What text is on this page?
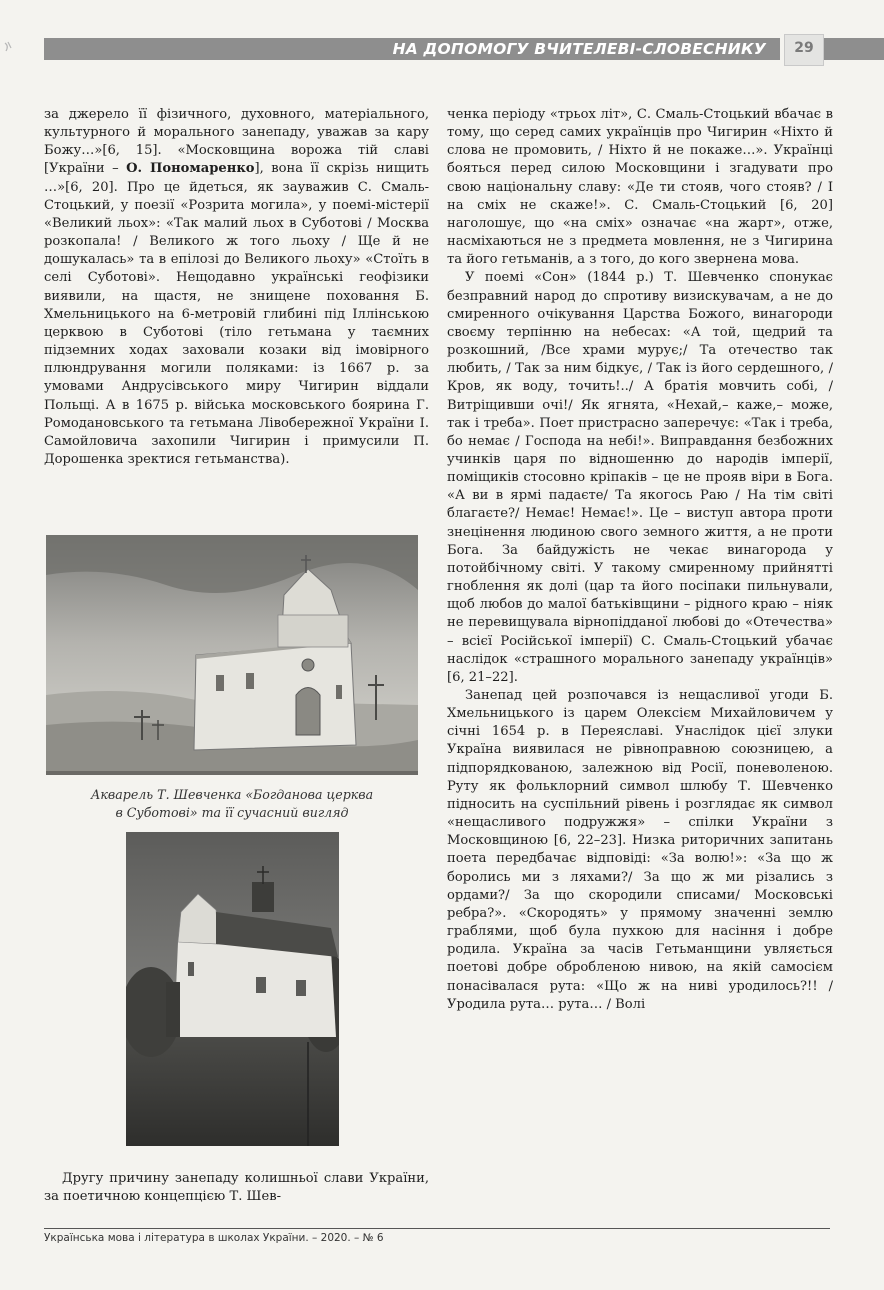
НА ДОПОМОГУ ВЧИТЕЛЕВІ-СЛОВЕСНИКУ	29

за джерело її фізичного, духовного, матеріального, культурного й морального занепаду, уважав за кару Божу…»[6, 15]. «Московщина ворожа тій славі [України – О. Пономаренко], вона її скрізь нищить …»[6, 20]. Про це йдеться, як зауважив С. Смаль-Стоцький, у поезії «Розрита могила», у поемі-містерії «Великий льох»: «Так малий льох в Суботові / Москва розкопала! / Великого ж того льоху / Ще й не дошукалась» та в епілозі до Великого льоху» «Стоїть в селі Суботові». Нещодавно українські геофізики виявили, на щастя, не знищене поховання Б. Хмельницького на 6-метровій глибині під Іллінською церквою в Суботові (тіло гетьмана у таємних підземних ходах заховали козаки від імовірного плюндрування могили поляками: із 1667 р. за умовами Андрусівського миру Чигирин віддали Польщі. А в 1675 р. війська московського боярина Г. Ромодановського та гетьмана Лівобережної України І. Самойловича захопили Чигирин і примусили П. Дорошенка зректися гетьманства).

Акварель Т. Шевченка «Богданова церква
в Суботові» та її сучасний вигляд

Другу причину занепаду колишньої слави України, за поетичною концепцією Т. Шев-

ченка періоду «трьох літ», С. Смаль-Стоцький вбачає в тому, що серед самих українців про Чигирин «Ніхто й слова не промовить, / Ніхто й не покаже…». Українці бояться перед силою Московщини і згадувати про свою національну славу: «Де ти стояв, чого стояв? / І на сміх не скаже!». С. Смаль-Стоцький [6, 20] наголошує, що «на сміх» означає «на жарт», отже, насміхаються не з предмета мовлення, не з Чигирина та його гетьманів, а з того, до кого звернена мова.

У поемі «Сон» (1844 р.) Т. Шевченко спонукає безправний народ до спротиву визискувачам, а не до смиренного очікування Царства Божого, винагороди своєму терпінню на небесах: «А той, щедрий та розкошний, /Все храми мурує;/ Та отечество так любить, / Так за ним бідкує, / Так із його сердешного, /Кров, як воду, точить!../ А братія мовчить собі, /Витріщивши очі!/ Як ягнята, «Нехай,– каже,– може, так і треба». Поет пристрасно заперечує: «Так і треба, бо немає / Господа на небі!». Виправдання безбожних учинків царя по відношенню до народів імперії, поміщиків стосовно кріпаків – це не прояв віри в Бога. «А ви в ярмі падаєте/ Та якогось Раю / На тім світі благаєте?/ Немає! Немає!». Це – виступ автора проти знецінення людиною свого земного життя, а не проти Бога. За байдужість не чекає винагорода у потойбічному світі. У такому смиренному прийнятті гноблення як долі (цар та його посіпаки пильнували, щоб любов до малої батьківщини – рідного краю – ніяк не перевищувала вірнопідданої любові до «Отечества» – всієї Російської імперії) С. Смаль-Стоцький убачає наслідок «страшного морального занепаду українців» [6, 21–22].

Занепад цей розпочався із нещасливої угоди Б. Хмельницького із царем Олексієм Михайловичем у січні 1654 р. в Переяславі. Унаслідок цієї злуки Україна виявилася не рівноправною союзницею, а підпорядкованою, залежною від Росії, поневоленою. Руту як фольклорний символ шлюбу Т. Шевченко підносить на суспільний рівень і розглядає як символ «нещасливого подружжя» – спілки України з Московщиною [6, 22–23]. Низка риторичних запитань поета передбачає відповіді: «За волю!»: «За що ж боролись ми з ляхами?/ За що ж ми різались з ордами?/ За що скородили списами/ Московські ребра?». «Скородять» у прямому значенні землю граблями, щоб була пухкою для насіння і добре родила. Україна за часів Гетьманщини увляється поетові добре обробленою нивою, на якій самосієм понасівалася рута: «Що ж на ниві уродилось?!! / Уродила рута… рута… / Волі

Українська мова і література в школах України. – 2020. – № 6
